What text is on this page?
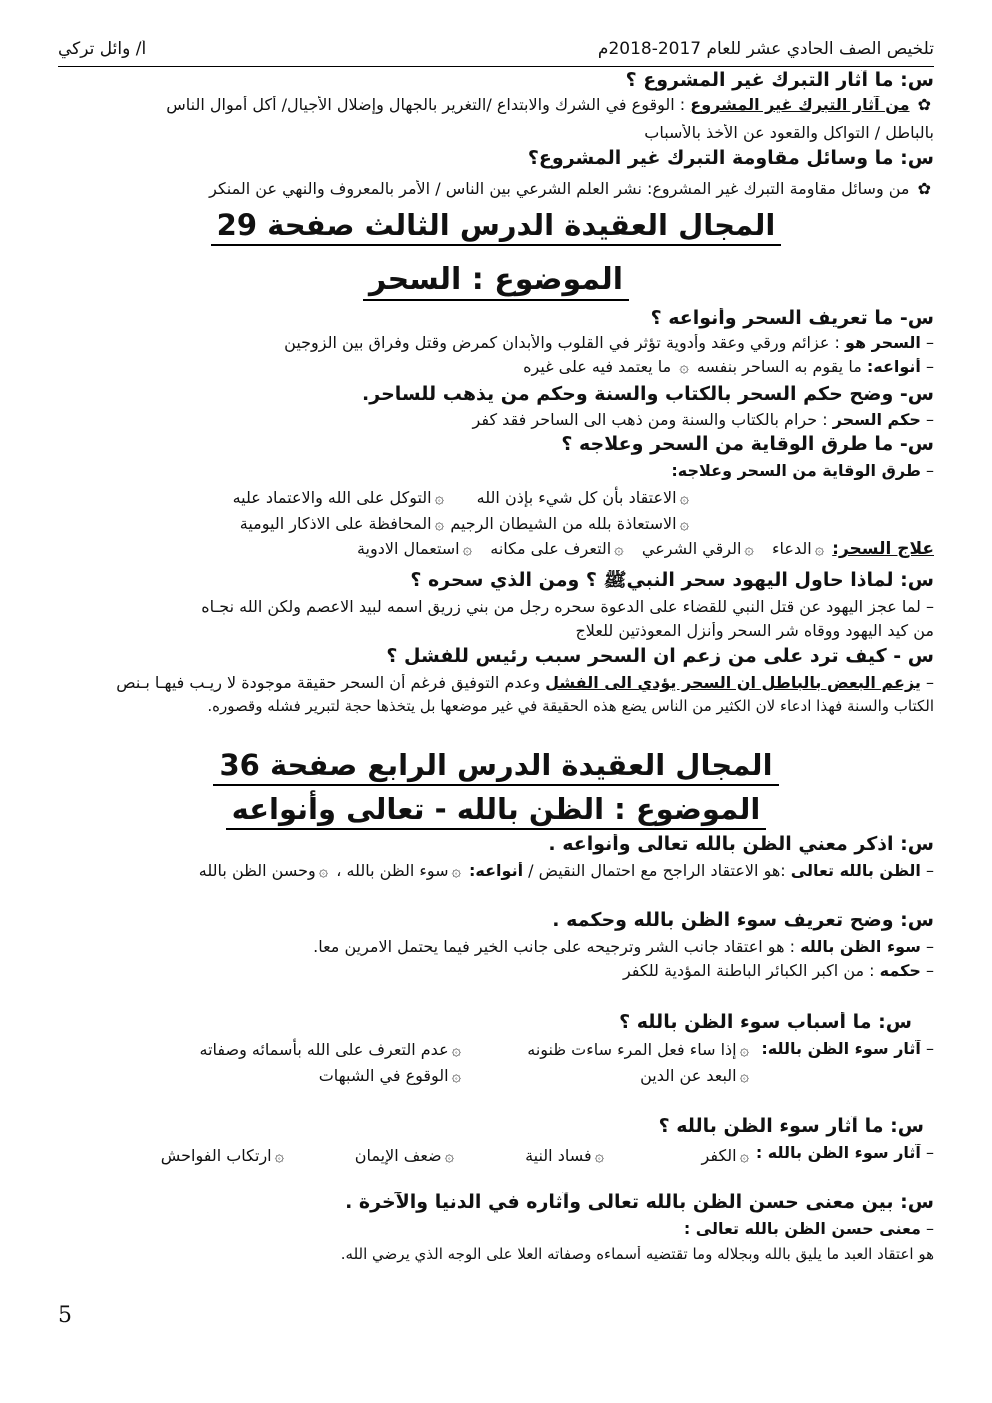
تلخيص الصف الحادي عشر للعام 2017-2018م
أ/ وائل تركي
س: ما آثار التبرك غير المشروع ؟
✿ من آثار التبرك غير المشروع : الوقوع في الشرك والابتداع /التغرير بالجهال وإضلال الأجيال/ أكل أموال الناس
بالباطل / التواكل والقعود عن الأخذ بالأسباب
س: ما وسائل مقاومة التبرك غير المشروع؟
✿ من وسائل مقاومة التبرك غير المشروع: نشر العلم الشرعي بين الناس / الأمر بالمعروف والنهي عن المنكر
المجال العقيدة الدرس الثالث صفحة 29
الموضوع : السحر
س- ما تعريف السحر وأنواعه ؟
– السحر هو : عزائم ورقي وعقد وأدوية تؤثر في القلوب والأبدان كمرض وقتل وفراق بين الزوجين
– أنواعه: ما يقوم به الساحر بنفسه ۞ ما يعتمد فيه على غيره
س- وضح حكم السحر بالكتاب والسنة وحكم من يذهب للساحر.
– حكم السحر : حرام بالكتاب والسنة ومن ذهب الى الساحر فقد كفر
س- ما طرق الوقاية من السحر وعلاجه ؟
– طرق الوقاية من السحر وعلاجه:
۞الاعتقاد بأن كل شيء بإذن الله
۞التوكل على الله والاعتماد عليه
۞الاستعاذة بلله من الشيطان الرجيم
۞المحافظة على الاذكار اليومية
علاج السحر: ۞الدعاء   ۞الرقي الشرعي   ۞التعرف على مكانه   ۞استعمال الادوية
س: لماذا حاول اليهود سحر النبيﷺ ؟ ومن الذي سحره ؟
– لما عجز اليهود عن قتل النبي للقضاء على الدعوة سحره رجل من بني زريق اسمه لبيد الاعصم ولكن الله نجـاه
من كيد اليهود ووقاه شر السحر وأنزل المعوذتين للعلاج
س - كيف ترد على من زعم ان السحر سبب رئيس للفشل ؟
– يزعم البعض بالباطل ان السحر يؤدي الى الفشل وعدم التوفيق فرغم أن السحر حقيقة موجودة لا ريـب فيهـا بـنص
الكتاب والسنة فهذا ادعاء لان الكثير من الناس يضع هذه الحقيقة في غير موضعها بل يتخذها حجة لتبرير فشله وقصوره.
المجال العقيدة الدرس الرابع صفحة 36
الموضوع : الظن بالله - تعالى وأنواعه
س: اذكر معني الظن بالله تعالى وأنواعه .
– الظن بالله تعالى :هو الاعتقاد الراجح مع احتمال النقيض / أنواعه: ۞سوء الظن بالله ، ۞وحسن الظن بالله
س: وضح تعريف سوء الظن بالله وحكمه .
– سوء الظن بالله : هو اعتقاد جانب الشر وترجيحه على جانب الخير فيما يحتمل الامرين معا.
– حكمه : من اكبر الكبائر الباطنة المؤدية للكفر
س: ما أسباب سوء الظن بالله ؟
– آثار سوء الظن بالله:
۞إذا ساء فعل المرء ساءت ظنونه
۞عدم التعرف على الله بأسمائه وصفاته
۞البعد عن الدين
۞الوقوع في الشبهات
س: ما آثار سوء الظن بالله ؟
– آثار سوء الظن بالله :
۞الكفر
۞فساد النية
۞ضعف الإيمان
۞ارتكاب الفواحش
س: بين معنى حسن الظن بالله تعالى وآثاره في الدنيا والآخرة .
– معنى حسن الظن بالله تعالى :
هو اعتقاد العبد ما يليق بالله وبجلاله وما تقتضيه أسماءه وصفاته العلا على الوجه الذي يرضي الله.
5
